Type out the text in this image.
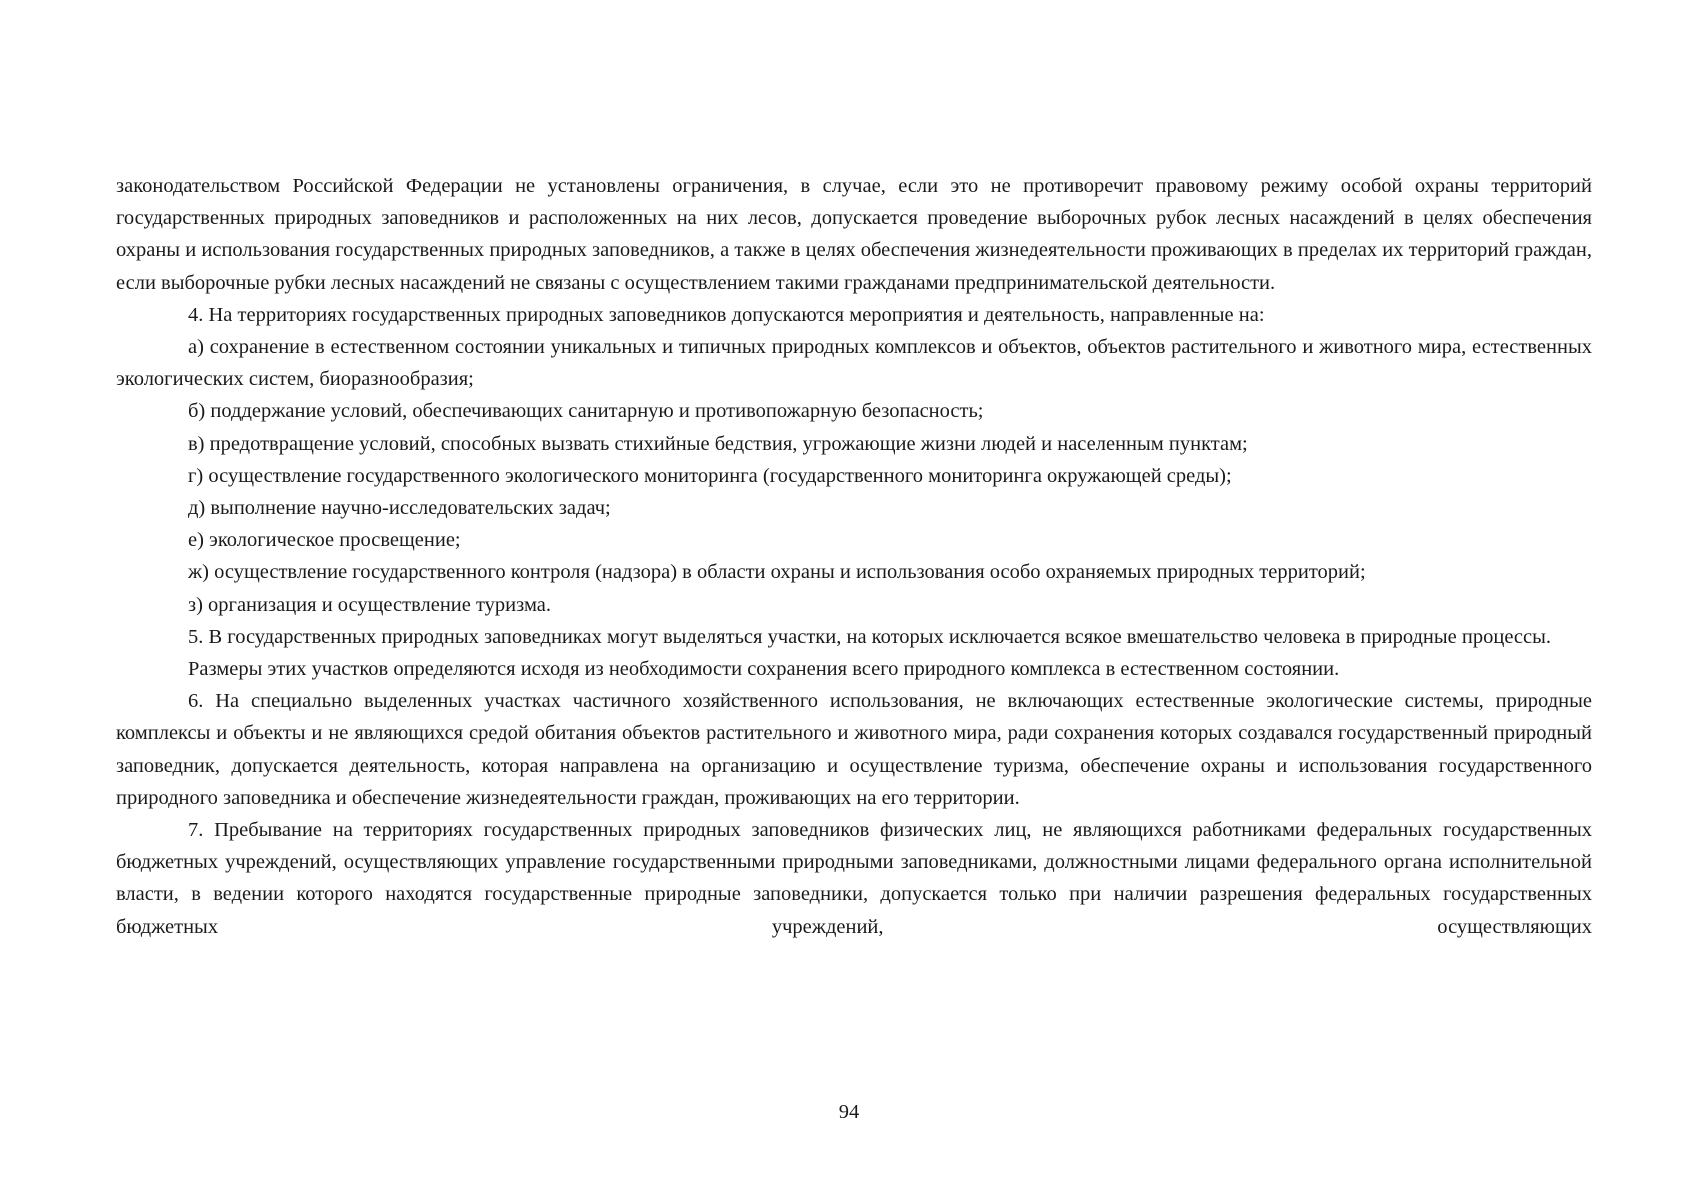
законодательством Российской Федерации не установлены ограничения, в случае, если это не противоречит правовому режиму особой охраны территорий государственных природных заповедников и расположенных на них лесов, допускается проведение выборочных рубок лесных насаждений в целях обеспечения охраны и использования государственных природных заповедников, а также в целях обеспечения жизнедеятельности проживающих в пределах их территорий граждан, если выборочные рубки лесных насаждений не связаны с осуществлением такими гражданами предпринимательской деятельности.

4. На территориях государственных природных заповедников допускаются мероприятия и деятельность, направленные на:

а) сохранение в естественном состоянии уникальных и типичных природных комплексов и объектов, объектов растительного и животного мира, естественных экологических систем, биоразнообразия;

б) поддержание условий, обеспечивающих санитарную и противопожарную безопасность;

в) предотвращение условий, способных вызвать стихийные бедствия, угрожающие жизни людей и населенным пунктам;

г) осуществление государственного экологического мониторинга (государственного мониторинга окружающей среды);

д) выполнение научно-исследовательских задач;

е) экологическое просвещение;

ж) осуществление государственного контроля (надзора) в области охраны и использования особо охраняемых природных территорий;

з) организация и осуществление туризма.

5. В государственных природных заповедниках могут выделяться участки, на которых исключается всякое вмешательство человека в природные процессы.

Размеры этих участков определяются исходя из необходимости сохранения всего природного комплекса в естественном состоянии.

6. На специально выделенных участках частичного хозяйственного использования, не включающих естественные экологические системы, природные комплексы и объекты и не являющихся средой обитания объектов растительного и животного мира, ради сохранения которых создавался государственный природный заповедник, допускается деятельность, которая направлена на организацию и осуществление туризма, обеспечение охраны и использования государственного природного заповедника и обеспечение жизнедеятельности граждан, проживающих на его территории.

7. Пребывание на территориях государственных природных заповедников физических лиц, не являющихся работниками федеральных государственных бюджетных учреждений, осуществляющих управление государственными природными заповедниками, должностными лицами федерального органа исполнительной власти, в ведении которого находятся государственные природные заповедники, допускается только при наличии разрешения федеральных государственных бюджетных учреждений, осуществляющих

94
